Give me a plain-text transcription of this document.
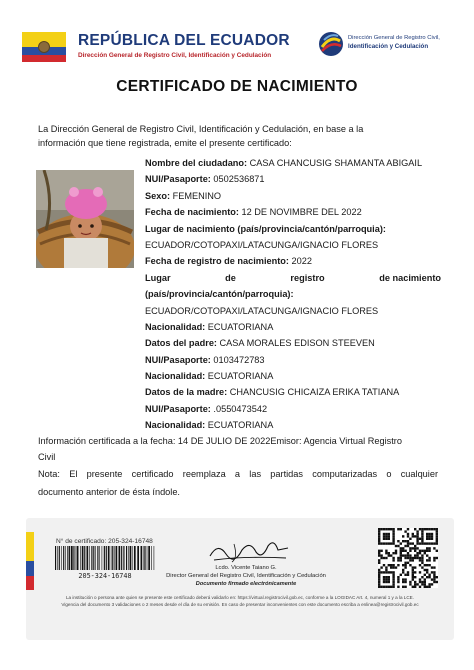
REPÚBLICA DEL ECUADOR
Dirección General de Registro Civil, Identificación y Cedulación
Dirección General de Registro Civil,
Identificación y Cedulación
CERTIFICADO DE NACIMIENTO
La Dirección General de Registro Civil, Identificación y Cedulación, en base a la
información que tiene registrada, emite el presente certificado:
Nombre del ciudadano: CASA CHANCUSIG SHAMANTA ABIGAIL
NUI/Pasaporte: 0502536871
Sexo: FEMENINO
Fecha de nacimiento: 12 DE NOVIMBRE DEL 2022
Lugar de nacimiento (país/provincia/cantón/parroquia):
ECUADOR/COTOPAXI/LATACUNGA/IGNACIO FLORES
Fecha de registro de nacimiento: 2022
Lugar	de	registro	de nacimiento
(país/provincia/cantón/parroquia):
ECUADOR/COTOPAXI/LATACUNGA/IGNACIO FLORES
Nacionalidad: ECUATORIANA
Datos del padre: CASA MORALES EDISON STEEVEN
NUI/Pasaporte: 0103472783
Nacionalidad: ECUATORIANA
Datos de la madre: CHANCUSIG CHICAIZA ERIKA TATIANA
NUI/Pasaporte: .0550473542
Nacionalidad: ECUATORIANA
Información certificada a la fecha: 14 DE JULIO DE 2022Emisor: Agencia Virtual Registro
Civil
Nota: El presente certificado reemplaza a las partidas computarizadas o cualquier
documento anterior de ésta índole.
N° de certificado: 205-324-16748
205-324-16748
Lcdo. Vicente Taiano G.
Director General del Registro Civil, Identificación y Cedulación
Documento firmado electrónicamente
La institución o persona ante quien se presente este certificado deberá validarlo en: https://virtual.registrocivil.gob.ec, conforme a la LOGIDAC Art. 4, numeral 1 y a la LCE.
Vigencia del documento 3 validaciones o 2 meses desde el día de su emisión. En caso de presentar inconvenientes con este documento escriba a enlinea@registrocivil.gob.ec
